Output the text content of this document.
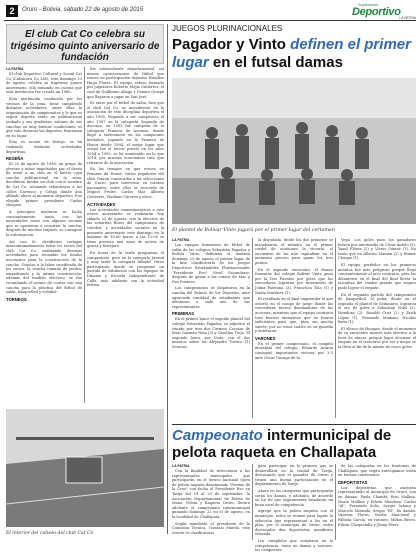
2	Oruro - Bolivia, sábado 22 de agosto de 2015
Suplemento
Deportivo
LA PATRIA
El club Cat Co celebra su trigésimo quinto aniversario de fundación
LA PATRIA

El club Deportivo Cultural y Social Cat Co (Calzacora Co Ltd), este domingo 23 de agosto, celebra su trigésimo quinto aniversario, ella tomando en cuenta que esta institución fue creada un 1980.

Esta institución conducida por los vecinos de la zona, tiene cumplendo distintas actividades, entre ellas la organización de campeonatos y le que es seguir deporte tanto en polifuncional teobado y sus gradieras, salones de sus canchas en muy buenas condiciones, es que vale destacar las deportes, funcionan en su lugar.

Esta es acción de festejo, se ha realizado distintas actividades deportivas.

RESEÑA

El 22 de agosto de 1980, un grupo de jóvenes y niños impulsados por el deseo de tener a un club en el barrio cuya cancha polifuncional en la zona, decidieron fundar un club con el nombre de Cat Co. Actuando rebautizara a los colles Carrasco y Cóbija donde aún afiliado ahora al momento deportivo. Fue elegido primer presidente Carlos Vásquez.

A principios mudaron se lucha constantemente, tanto con las autoridades como con algunos vecinos que se opusieron a construir la cancha, después de muchos trajines, se consiguió la autorización.

Así con fe, decidieron trabajar mancomunadamente todos los socios del club Cat Co, realizando diversas actividades para recaudar los fondos necesarios para la construcción de la cancha. Gracias a la labor sacrificada de los socios, la cancha tomada de piedra, empedrando y la misma construcción, además del tendido eléctrico, se fue recaudando el monto de contar con una cancha para la práctica del fútbol de salón, básquetbol y voleibol.

TORNEOS

fue sobresaliente departamental, así mismo caracterizarse de fútbol que estuvo en participación dejuntos Estadios Hugo Flores. El equipo estuvo formado por jugadores Roberto Mejía Gutiérrez, el cual de Guillermo Aliaga y Genaro Quispe que llegaron a jugar en San José.

Es entre por el fútbol de salón, fuso que el club Cat Co, se inscribieron en la asociación de este disciplina deportiva el año 1985, llegando a ser campeones el año 1987 en la categoría Segunda de Ascenso, en 1993 fue campeón de la categoría Primera de Ascenso, donde llegó a enfrentarse en los campeones invitados, jugando en la Primera de Honor desde 1994, el mejor lugar que ocupó fue el tercer puesto en los años 1994 a 1995, se ha mantenido en lo que 2014, por razones económicas tuvo que retirarse de la asociación.

En los tiempos en que estuvo en Primera de Honor, varios jugadores del club, fueron convocados a las selecciones de Oruro, para intervenir en torneos nacionales, entre ellos se recuerda de Miguel Freire, Carlos Mar, Alberto Gotierres, Vladimir Cáceres y otros.

ACTIVIDADES

Las actividades conmemorativas a este nuevo aniversario se realizarán hoy sábado 22 de agosto, con la elección de las señoritas flores del campeonato de voleibol, y actividades sociales en la presente aniversario este domingo en la mañana de 10:00 horas, a las 12:00 se tiene prevista una misa de acción de gracia y festejará.

En horas de la tarde programas el campeonato, pero en la categoría Juvenil y muy tarde la categoría Infantil. Otros participarán donde se programó un partido de exhibición con los equipos de Dinamo y Escuela Independiente de Calle, más adelante con la actividad festiva.

El interior del coliseo del club Cat Co
JUEGOS PLURINACIONALES
Pagador y Vinto definen el primer lugar en el futsal damas
El plantel de Bolívar Vinto jugará por el primer lugar del certamen
LA PATRIA

Los equipos femeninos de fútbol de salón de las colegios Sebastián Pagador y Bolívia Vinto, definirán el mañana domingo 23 de agosto el primer lugar de la fase clasificatoria de los Juegos Deportivos Estudiantiles Plurinacionales "Presidente Evo" Nivel Secundario, después de ganar a los cursos de Mar y Dos Puentes.

Los campeonatos se disputaron en la cancha del Palacio de los Deportes, ante agraciada cantidad de estudiantes que alentaron a cada uno de sus representantes.

PRIMERAS

En el primer lance el seguido plantel del colegio Sebastián Pagador, se adjudicó el triunfo por tres dos Carmen Cocotas de Mari Guzmán Nina (2) y Carolina Trejo. El segundo lance, por Vinto, con el dos minutos sobre las Alejandro Torrico (1) Serenos.

la disputada, desde los dos primeros se inicializaron el número en el primer cordel de ocasiones la victoria, el encuentro de las aún capitalizar en el momento preciso para ganar los tres puntos.

En el segundo encuentro, el dinero femenino del colegio Bolívar Vinto ganó por la Dos Puentes por goles que los vencedores lograron por intermedio de Jolina Pastrana (3), Francisca Tola (1) y Nadia Martínez (1).

El resultado en el final emprender lo que ocurrió en el campo de juego donde las vencedoras fueron dominadoras de las acciones, mientras que el equipo contrario tuvo buenos momentos que no fueron suficientes para que, pero sin mucha suerte, por no estar cuáles en su guardia y enteraron.

VARONES

En el primer campeonato, el compito muralista del colegio, Eduardo Avaroa consiguió importantes victoria por 3-2 ante Oscar Unzaga de la

Vega. Los goles para los ganadores fueron por intermedio de César Antelo (3), Yusuf Flórez (2) y Víctor Gómez (1). En tanto que en Alberto Maman (2) y Enmer Chuque (1).

El equipo perdedor en los primeros minutos fue más peligroso porque llegó constantemente al arco contrario, pero los delanteros en el final del final llevar la iniciativa del cuadro grande que seguro pudo lograr el empate.

En el segundo partido del campeonato de basquetbol, el polar, desde en el segunda el plantel de Seminario, lograron el oro de goles a Sebastian Vidal (2), Mendoza (2), Rosaldi Cruz (2) y Erick López (1), Fernando Mamani, Nicolás Brito (1).

El elenco de Huajara, desde el momento de su encuentro mostró más efectivo a la hora de atacar, porque logró alcanzar el empate en el trascurso por ser y mejor se la lleva al fin de la misión de cinco goles.

Campeonato intermunicipal de
pelota raqueta en Challapata
LA PATRIA

Con la finalidad de seleccionar a los representantes municipales que participarán en el torneo nacional Open de pelota raqueta denominado "Premio de la Cruz" con fecha el Presidente Evo en Tarija del 18 al 20 de septiembre, la Asociación Departamental de Pelota de Mano, Pelota y Raqueta Oruro, llevará adelante el campeonato intermunicipal ganando domingo 22 en el de agosto, en la localidad de Challapata.

Según manifestó el presidente de la Comisión Técnica, Gonzalo Pineda, este evento es clasificatorio

para participar en la primera que se desarrollará en la ciudad de Tarija, destacando que el ganador de Oruro y tienen una buena participación en el departamento de Tarija.

Ahora en las categorías que participarán serán los damas, y adelanta, de acuerdo en los de que seguramente brindarán un buen nivel de competencia.

Agregó que la pelota raqueta con el municipio, todos se reúnen para lograr la selección que representará a los en el plan, por el municipio de Oruro, entre destacados dan deportistas, manifiesto Miranda.

Los cumplidos que surgieron en la competencia, tanto en damas y varones, los campeones

de las categorías en los frontones de Challapata, que según antecipamos están en buenas condiciones.

DEPORTISTAS

Los deportistas que asistirán representando al municipio de Oruro, son en damas: Paola Chambi, Rosi Mallma, María Mollina y Edwin Mendoza, Carlos "Al", Fernando Soliz, Sergio Solano y Marcelo Miranda, Sergio "El", En damas: Vanessa Flores, Noelia Mancheal y Fabiola García, en varones: Milton Bravo, Edwin Choquetalla y Jhony Pérez.
